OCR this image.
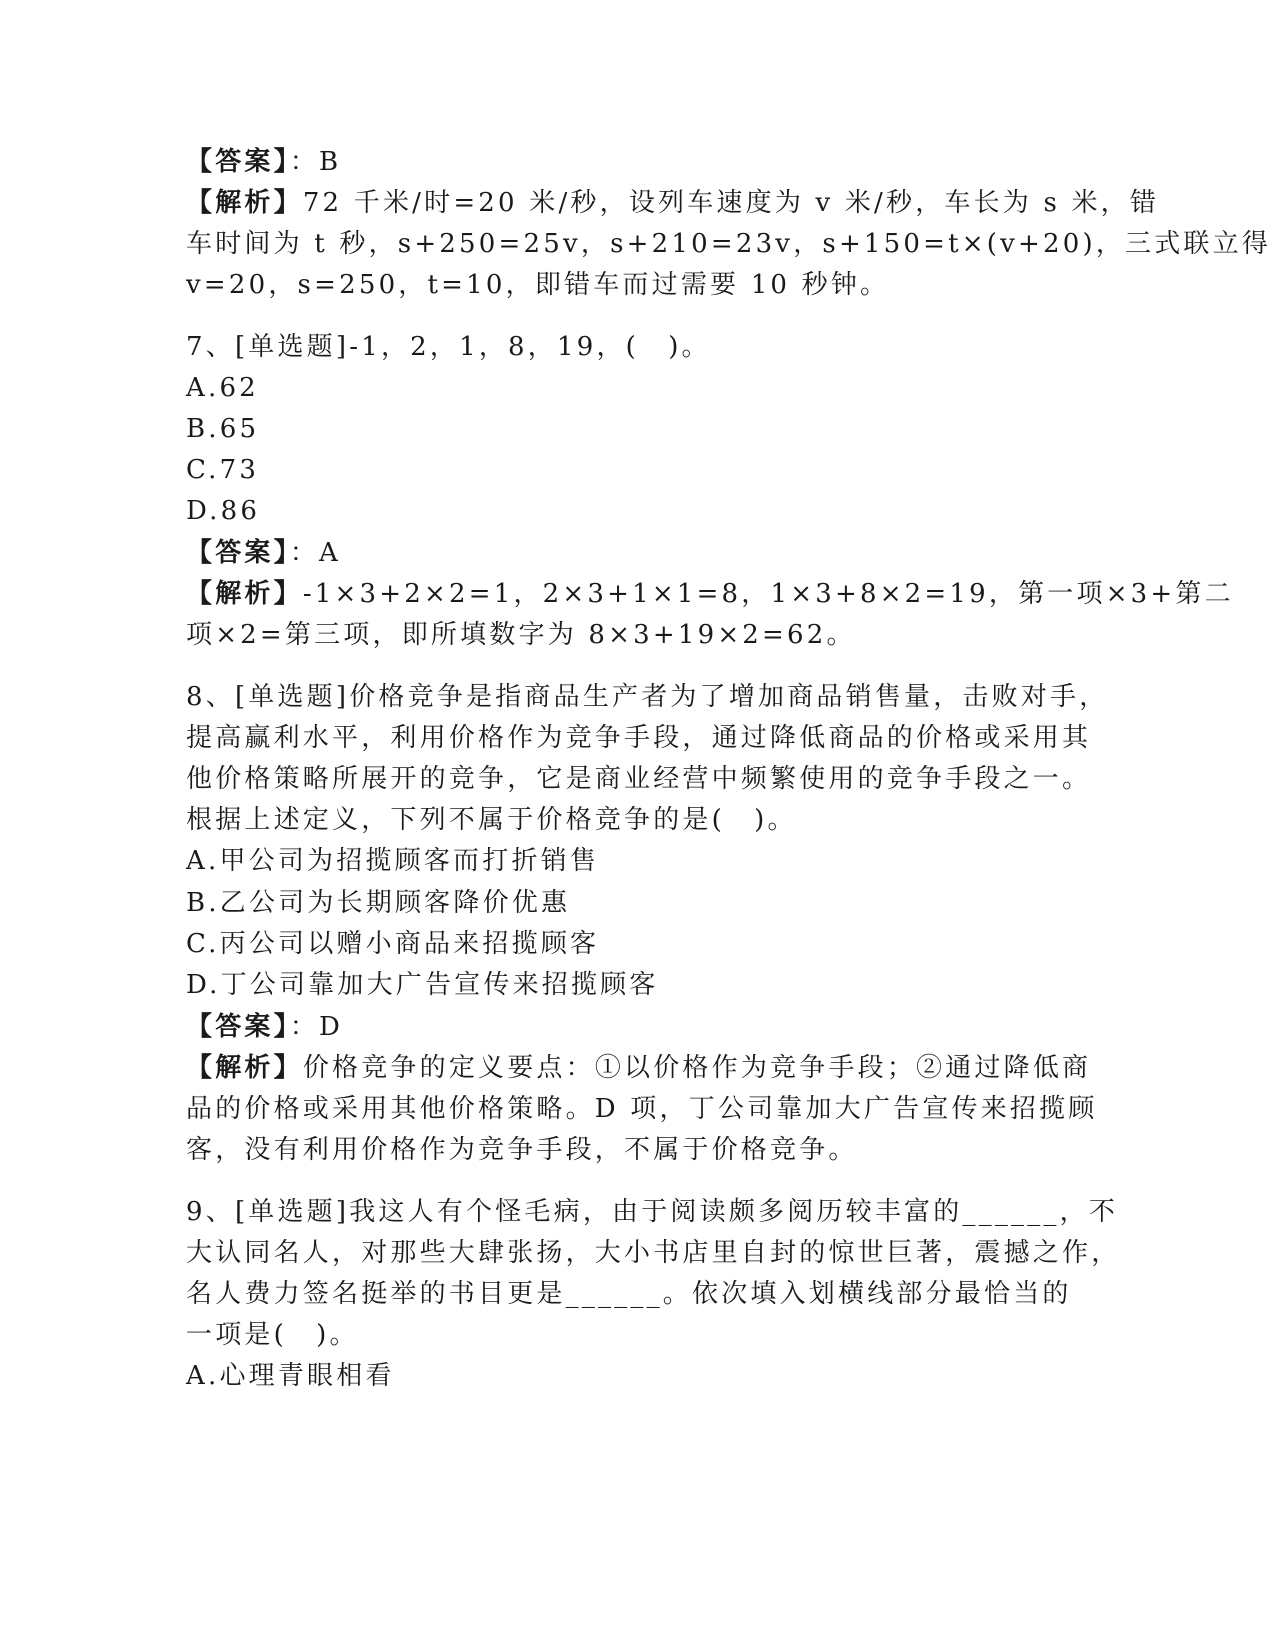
【答案】：B
【解析】72 千米/时=20 米/秒，设列车速度为 v 米/秒，车长为 s 米，错
车时间为 t 秒，s+250=25v，s+210=23v，s+150=t×(v+20)，三式联立得
v=20，s=250，t=10，即错车而过需要 10 秒钟。
7、[单选题]-1，2，1，8，19，(　)。
A.62
B.65
C.73
D.86
【答案】：A
【解析】-1×3+2×2=1，2×3+1×1=8，1×3+8×2=19，第一项×3+第二
项×2=第三项，即所填数字为 8×3+19×2=62。
8、[单选题]价格竞争是指商品生产者为了增加商品销售量，击败对手，
提高赢利水平，利用价格作为竞争手段，通过降低商品的价格或采用其
他价格策略所展开的竞争，它是商业经营中频繁使用的竞争手段之一。
根据上述定义，下列不属于价格竞争的是(　)。
A.甲公司为招揽顾客而打折销售
B.乙公司为长期顾客降价优惠
C.丙公司以赠小商品来招揽顾客
D.丁公司靠加大广告宣传来招揽顾客
【答案】：D
【解析】价格竞争的定义要点：①以价格作为竞争手段；②通过降低商
品的价格或采用其他价格策略。D 项，丁公司靠加大广告宣传来招揽顾
客，没有利用价格作为竞争手段，不属于价格竞争。
9、[单选题]我这人有个怪毛病，由于阅读颇多阅历较丰富的______，不
大认同名人，对那些大肆张扬，大小书店里自封的惊世巨著，震撼之作，
名人费力签名挺举的书目更是______。依次填入划横线部分最恰当的
一项是(　)。
A.心理青眼相看
